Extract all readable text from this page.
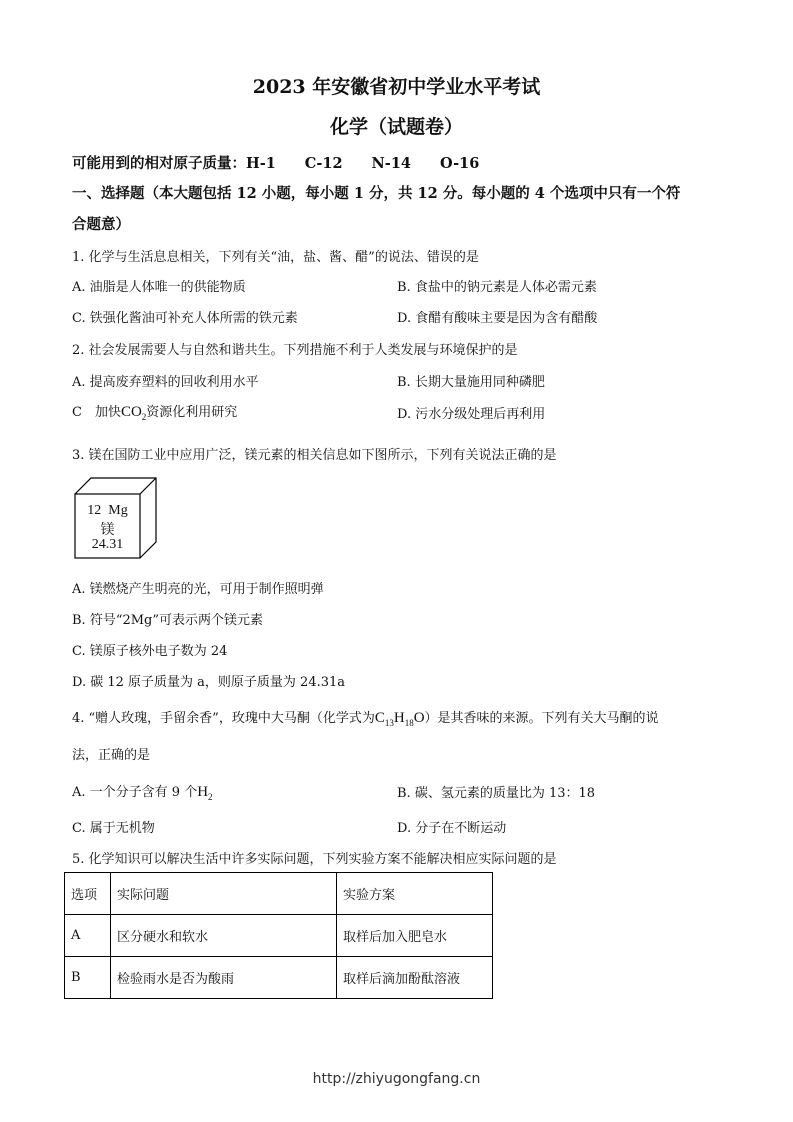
2023 年安徽省初中学业水平考试
化学（试题卷）
可能用到的相对原子质量：H-1　　C-12　　N-14　　O-16
一、选择题（本大题包括 12 小题，每小题 1 分，共 12 分。每小题的 4 个选项中只有一个符
合题意）
1. 化学与生活息息相关，下列有关“油，盐、酱、醋”的说法、错误的是
A. 油脂是人体唯一的供能物质	B. 食盐中的钠元素是人体必需元素
C. 铁强化酱油可补充人体所需的铁元素	D. 食醋有酸味主要是因为含有醋酸
2. 社会发展需要人与自然和谐共生。下列措施不利于人类发展与环境保护的是
A. 提高废弃塑料的回收利用水平	B. 长期大量施用同种磷肥
C　加快$CO_2$资源化利用研究	D. 污水分级处理后再利用
3. 镁在国防工业中应用广泛，镁元素的相关信息如下图所示，下列有关说法正确的是
12 Mg
镁
24.31
A. 镁燃烧产生明亮的光，可用于制作照明弹
B. 符号“2Mg”可表示两个镁元素
C. 镁原子核外电子数为 24
D. 碳 12 原子质量为 a，则原子质量为 24.31a
4. “赠人玫瑰，手留余香”，玫瑰中大马酮（化学式为$C_{13}H_{18}O$）是其香味的来源。下列有关大马酮的说
法，正确的是
A. 一个分子含有 9 个$H_2$	B. 碳、氢元素的质量比为 13：18
C. 属于无机物	D. 分子在不断运动
5. 化学知识可以解决生活中许多实际问题，下列实验方案不能解决相应实际问题的是
选项	实际问题	实验方案
A	区分硬水和软水	取样后加入肥皂水
B	检验雨水是否为酸雨	取样后滴加酚酞溶液
http://zhiyugongfang.cn
